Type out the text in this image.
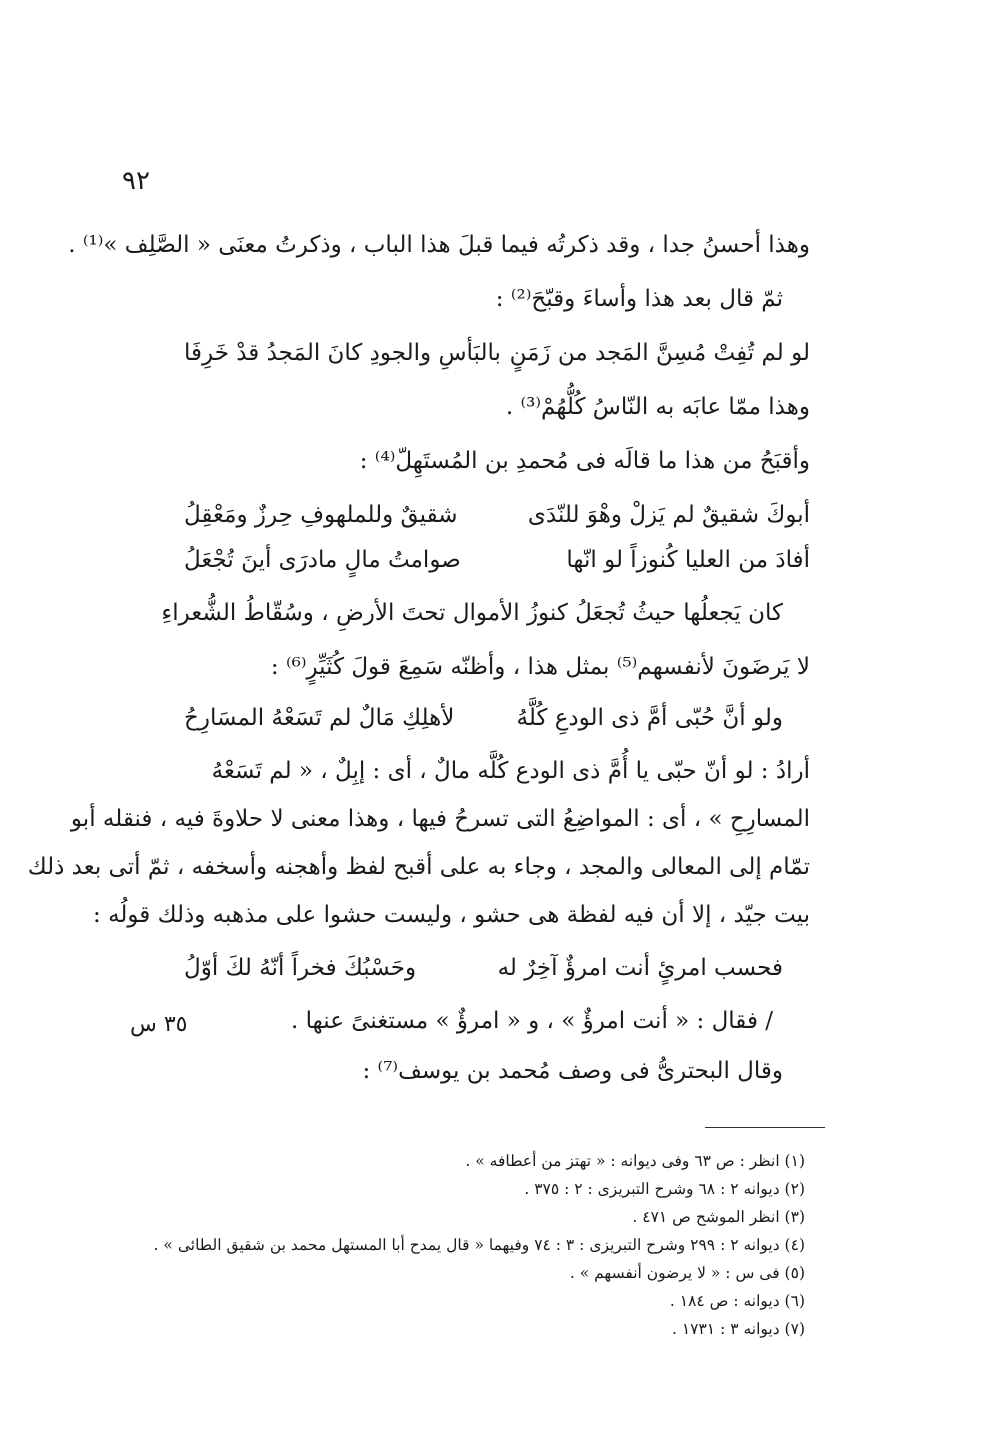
٩٢
وهذا أحسنُ جدا ، وقد ذكرتُه فيما قبلَ هذا الباب ، وذكرتُ معنَى « الصَّلِف »⁽¹⁾ .
ثمّ قال بعد هذا وأساءَ وقبّحَ⁽²⁾ :
لو لم تُفِتْ مُسِنَّ المَجد من زَمَنٍ
بالبَأسِ والجودِ كانَ المَجدُ قدْ خَرِفَا
وهذا ممّا عابَه به النّاسُ كُلُّهُمْ⁽³⁾ .
وأقبَحُ من هذا ما قالَه فى مُحمدِ بن المُستَهِلّ⁽⁴⁾ :
أبوكَ شقيقٌ لم يَزلْ وهْوَ للنّدَى
شقيقٌ وللملهوفِ حِرزٌ ومَعْقِلُ
أفادَ من العليا كُنوزاً لو انّها
صوامتُ مالٍ مادرَى أينَ تُجْعَلُ
كان يَجعلُها حيثُ تُجعَلُ كنوزُ الأموال تحتَ الأرضِ ، وسُقّاطُ الشُّعراءِ
لا يَرضَونَ لأنفسهم⁽⁵⁾ بمثل هذا ، وأظنّه سَمِعَ قولَ كُثَيِّرٍ⁽⁶⁾ :
ولو أنَّ حُبّى أمَّ ذى الودعِ كُلَّهُ
لأهلِكِ مَالٌ لم تَسَعْهُ المسَارِحُ
أرادُ : لو أنّ حبّى يا أُمَّ ذى الودع كُلَّه مالٌ ، أى : إبِلٌ ، « لم تَسَعْهُ
المسارِحِ » ، أى : المواضِعُ التى تسرحُ فيها ، وهذا معنى لا حلاوةَ فيه ، فنقله أبو
تمّام إلى المعالى والمجد ، وجاء به على أقبح لفظ وأهجنه وأسخفه ، ثمّ أتى بعد ذلك
بيت جيّد ، إلا أن فيه لفظة هى حشو ، وليست حشوا على مذهبه وذلك قولُه :
فحسب امرئٍ أنت امرؤٌ آخِرٌ له
وحَسْبُكَ فخراً أنّهُ لكَ أوّلُ
/ فقال : « أنت امرؤٌ » ، و « امرؤٌ » مستغنىً عنها .
٣٥ س
وقال البحترىُّ فى وصف مُحمد بن يوسف⁽⁷⁾ :
(١) انظر : ص ٦٣ وفى ديوانه : « تهتز من أعطافه » .
(٢) ديوانه ٢ : ٦٨ وشرح التبريزى : ٢ : ٣٧٥ .
(٣) انظر الموشح ص ٤٧١ .
(٤) ديوانه ٢ : ٢٩٩ وشرح التبريزى : ٣ : ٧٤ وفيهما « قال يمدح أبا المستهل محمد بن شقيق الطائى » .
(٥) فى س : « لا يرضون أنفسهم » .
(٦) ديوانه : ص ١٨٤ .
(٧) ديوانه ٣ : ١٧٣١ .
